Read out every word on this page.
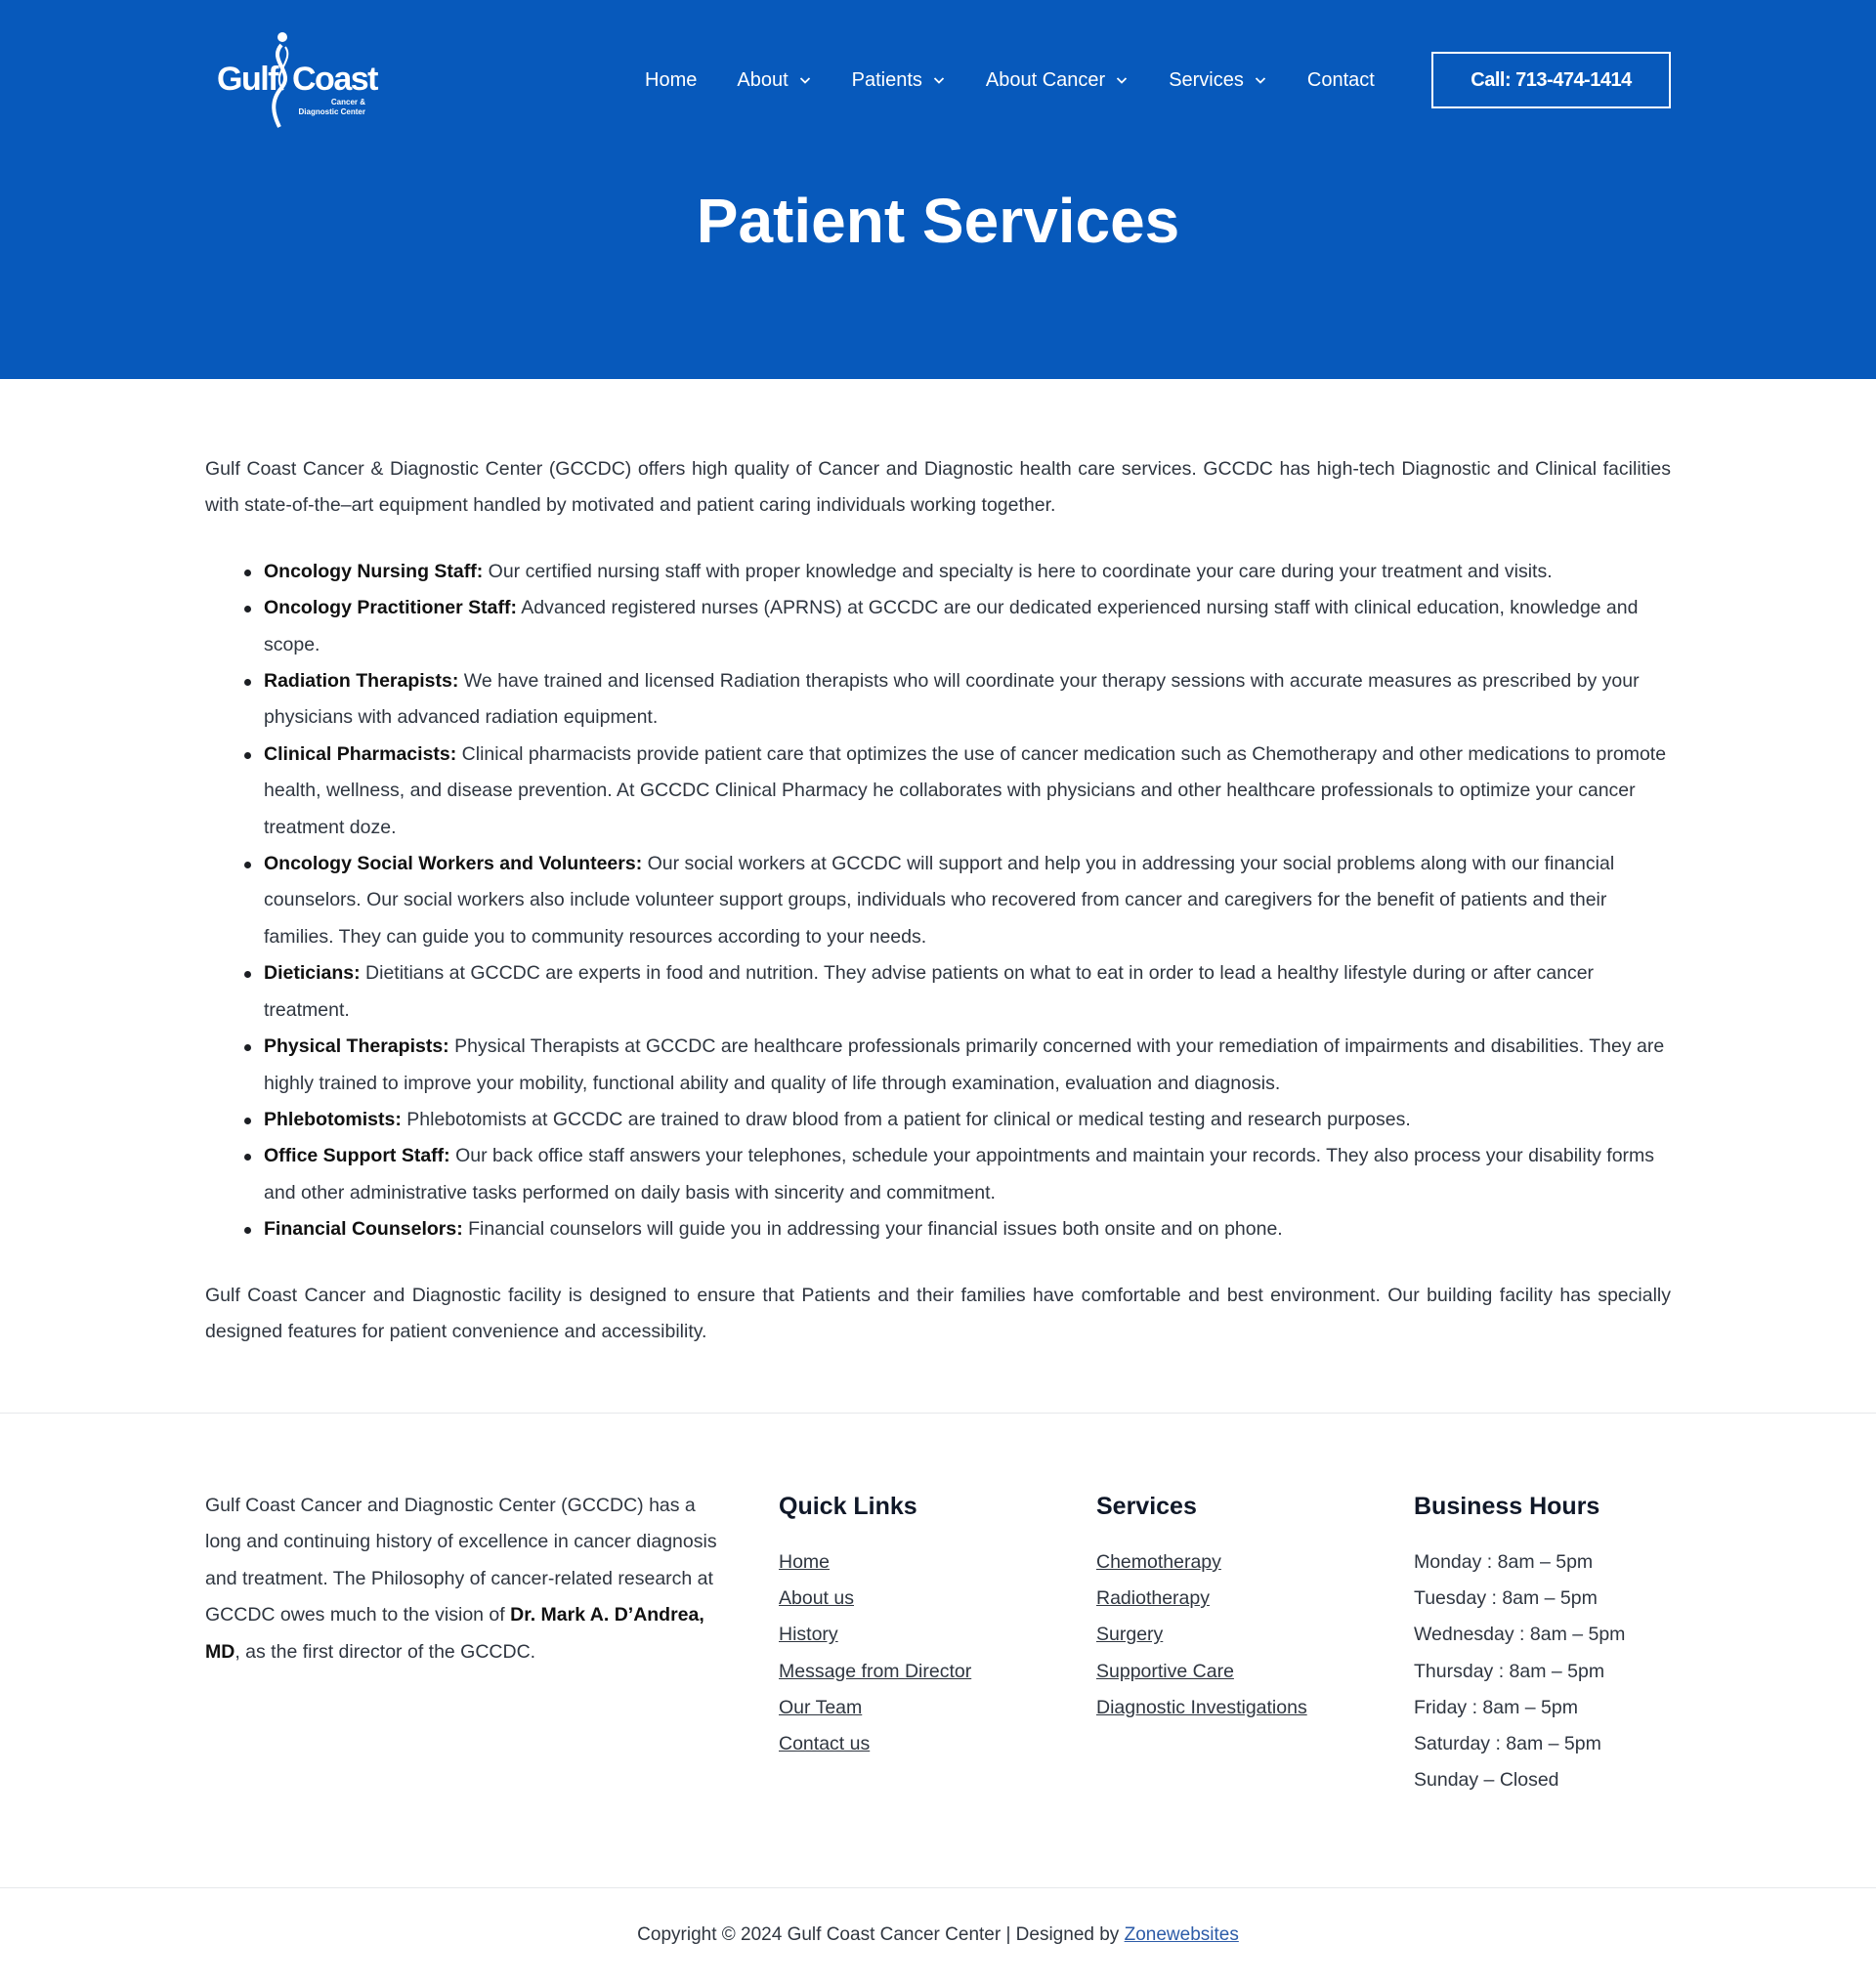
Gulf Coast
Cancer & Diagnostic Center
Home About	Patients	About Cancer	Services	Contact	Call: 713-474-1414
Patient Services

Gulf Coast Cancer & Diagnostic Center (GCCDC) offers high quality of Cancer and Diagnostic health care services. GCCDC has high-tech Diagnostic and Clinical facilities with state-of-the–art equipment handled by motivated and patient caring individuals working together.

Oncology Nursing Staff: Our certified nursing staff with proper knowledge and specialty is here to coordinate your care during your treatment and visits.
Oncology Practitioner Staff: Advanced registered nurses (APRNS) at GCCDC are our dedicated experienced nursing staff with clinical education, knowledge and scope.
Radiation Therapists: We have trained and licensed Radiation therapists who will coordinate your therapy sessions with accurate measures as prescribed by your physicians with advanced radiation equipment.
Clinical Pharmacists: Clinical pharmacists provide patient care that optimizes the use of cancer medication such as Chemotherapy and other medications to promote health, wellness, and disease prevention. At GCCDC Clinical Pharmacy he collaborates with physicians and other healthcare professionals to optimize your cancer treatment doze.
Oncology Social Workers and Volunteers: Our social workers at GCCDC will support and help you in addressing your social problems along with our financial counselors. Our social workers also include volunteer support groups, individuals who recovered from cancer and caregivers for the benefit of patients and their families. They can guide you to community resources according to your needs.
Dieticians: Dietitians at GCCDC are experts in food and nutrition. They advise patients on what to eat in order to lead a healthy lifestyle during or after cancer treatment.
Physical Therapists: Physical Therapists at GCCDC are healthcare professionals primarily concerned with your remediation of impairments and disabilities. They are highly trained to improve your mobility, functional ability and quality of life through examination, evaluation and diagnosis.
Phlebotomists: Phlebotomists at GCCDC are trained to draw blood from a patient for clinical or medical testing and research purposes.
Office Support Staff: Our back office staff answers your telephones, schedule your appointments and maintain your records. They also process your disability forms and other administrative tasks performed on daily basis with sincerity and commitment.
Financial Counselors: Financial counselors will guide you in addressing your financial issues both onsite and on phone.

Gulf Coast Cancer and Diagnostic facility is designed to ensure that Patients and their families have comfortable and best environment. Our building facility has specially designed features for patient convenience and accessibility.

Gulf Coast Cancer and Diagnostic Center (GCCDC) has a long and continuing history of excellence in cancer diagnosis and treatment. The Philosophy of cancer-related research at GCCDC owes much to the vision of Dr. Mark A. D’Andrea, MD, as the first director of the GCCDC.

Quick Links
Home
About us
History
Message from Director
Our Team
Contact us
Services
Chemotherapy
Radiotherapy
Surgery
Supportive Care
Diagnostic Investigations
Business Hours
Monday : 8am – 5pm
Tuesday : 8am – 5pm
Wednesday : 8am – 5pm
Thursday : 8am – 5pm
Friday : 8am – 5pm
Saturday : 8am – 5pm
Sunday – Closed
Copyright © 2024 Gulf Coast Cancer Center | Designed by Zonewebsites
